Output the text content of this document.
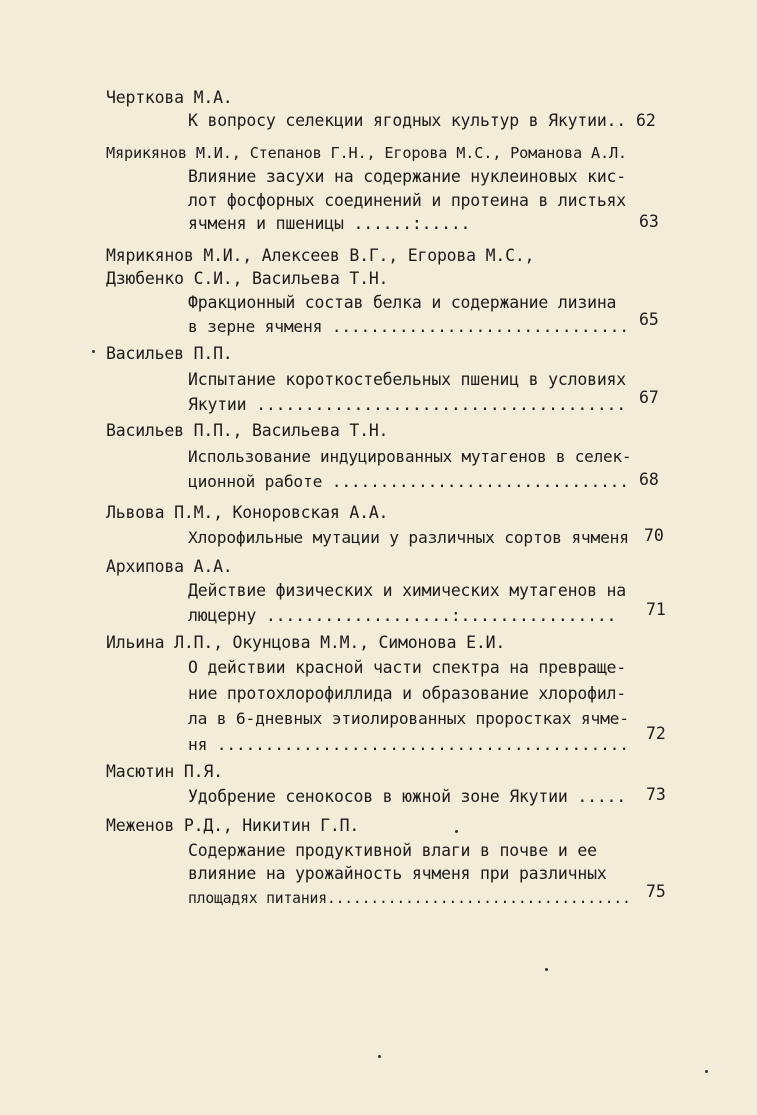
Черткова М.А.
К вопросу селекции ягодных культур в Якутии.. 62
Мярикянов М.И., Степанов Г.Н., Егорова М.С., Романова А.Л.
Влияние засухи на содержание нуклеиновых кис-
лот фосфорных соединений и протеина в листьях
ячменя и пшеницы ......:.....	63
Мярикянов М.И., Алексеев В.Г., Егорова М.С.,
Дзюбенко С.И., Васильева Т.Н.
Фракционный состав белка и содержание лизина
в зерне ячменя ............................... 65
Васильев П.П.
Испытание короткостебельных пшениц в условиях
Якутии ...................................... 67
Васильев П.П., Васильева Т.Н.
Использование индуцированных мутагенов в селек-
ционной работе ............................... 68
Львова П.М., Коноровская А.А.
Хлорофильные мутации у различных сортов ячменя 70
Архипова А.А.
Действие физических и химических мутагенов на
люцерну ...................:................ 71
Ильина Л.П., Окунцова М.М., Симонова Е.И.
О действии красной части спектра на превраще-
ние протохлорофиллида и образование хлорофил-
ла в 6-дневных этиолированных проростках ячме-
ня ...........................................
72
Масютин П.Я.
Удобрение сенокосов в южной зоне Якутии ..... 73
Меженов Р.Д., Никитин Г.П.
Содержание продуктивной влаги в почве и ее
влияние на урожайность ячменя при различных
площадях питания................................... 75
